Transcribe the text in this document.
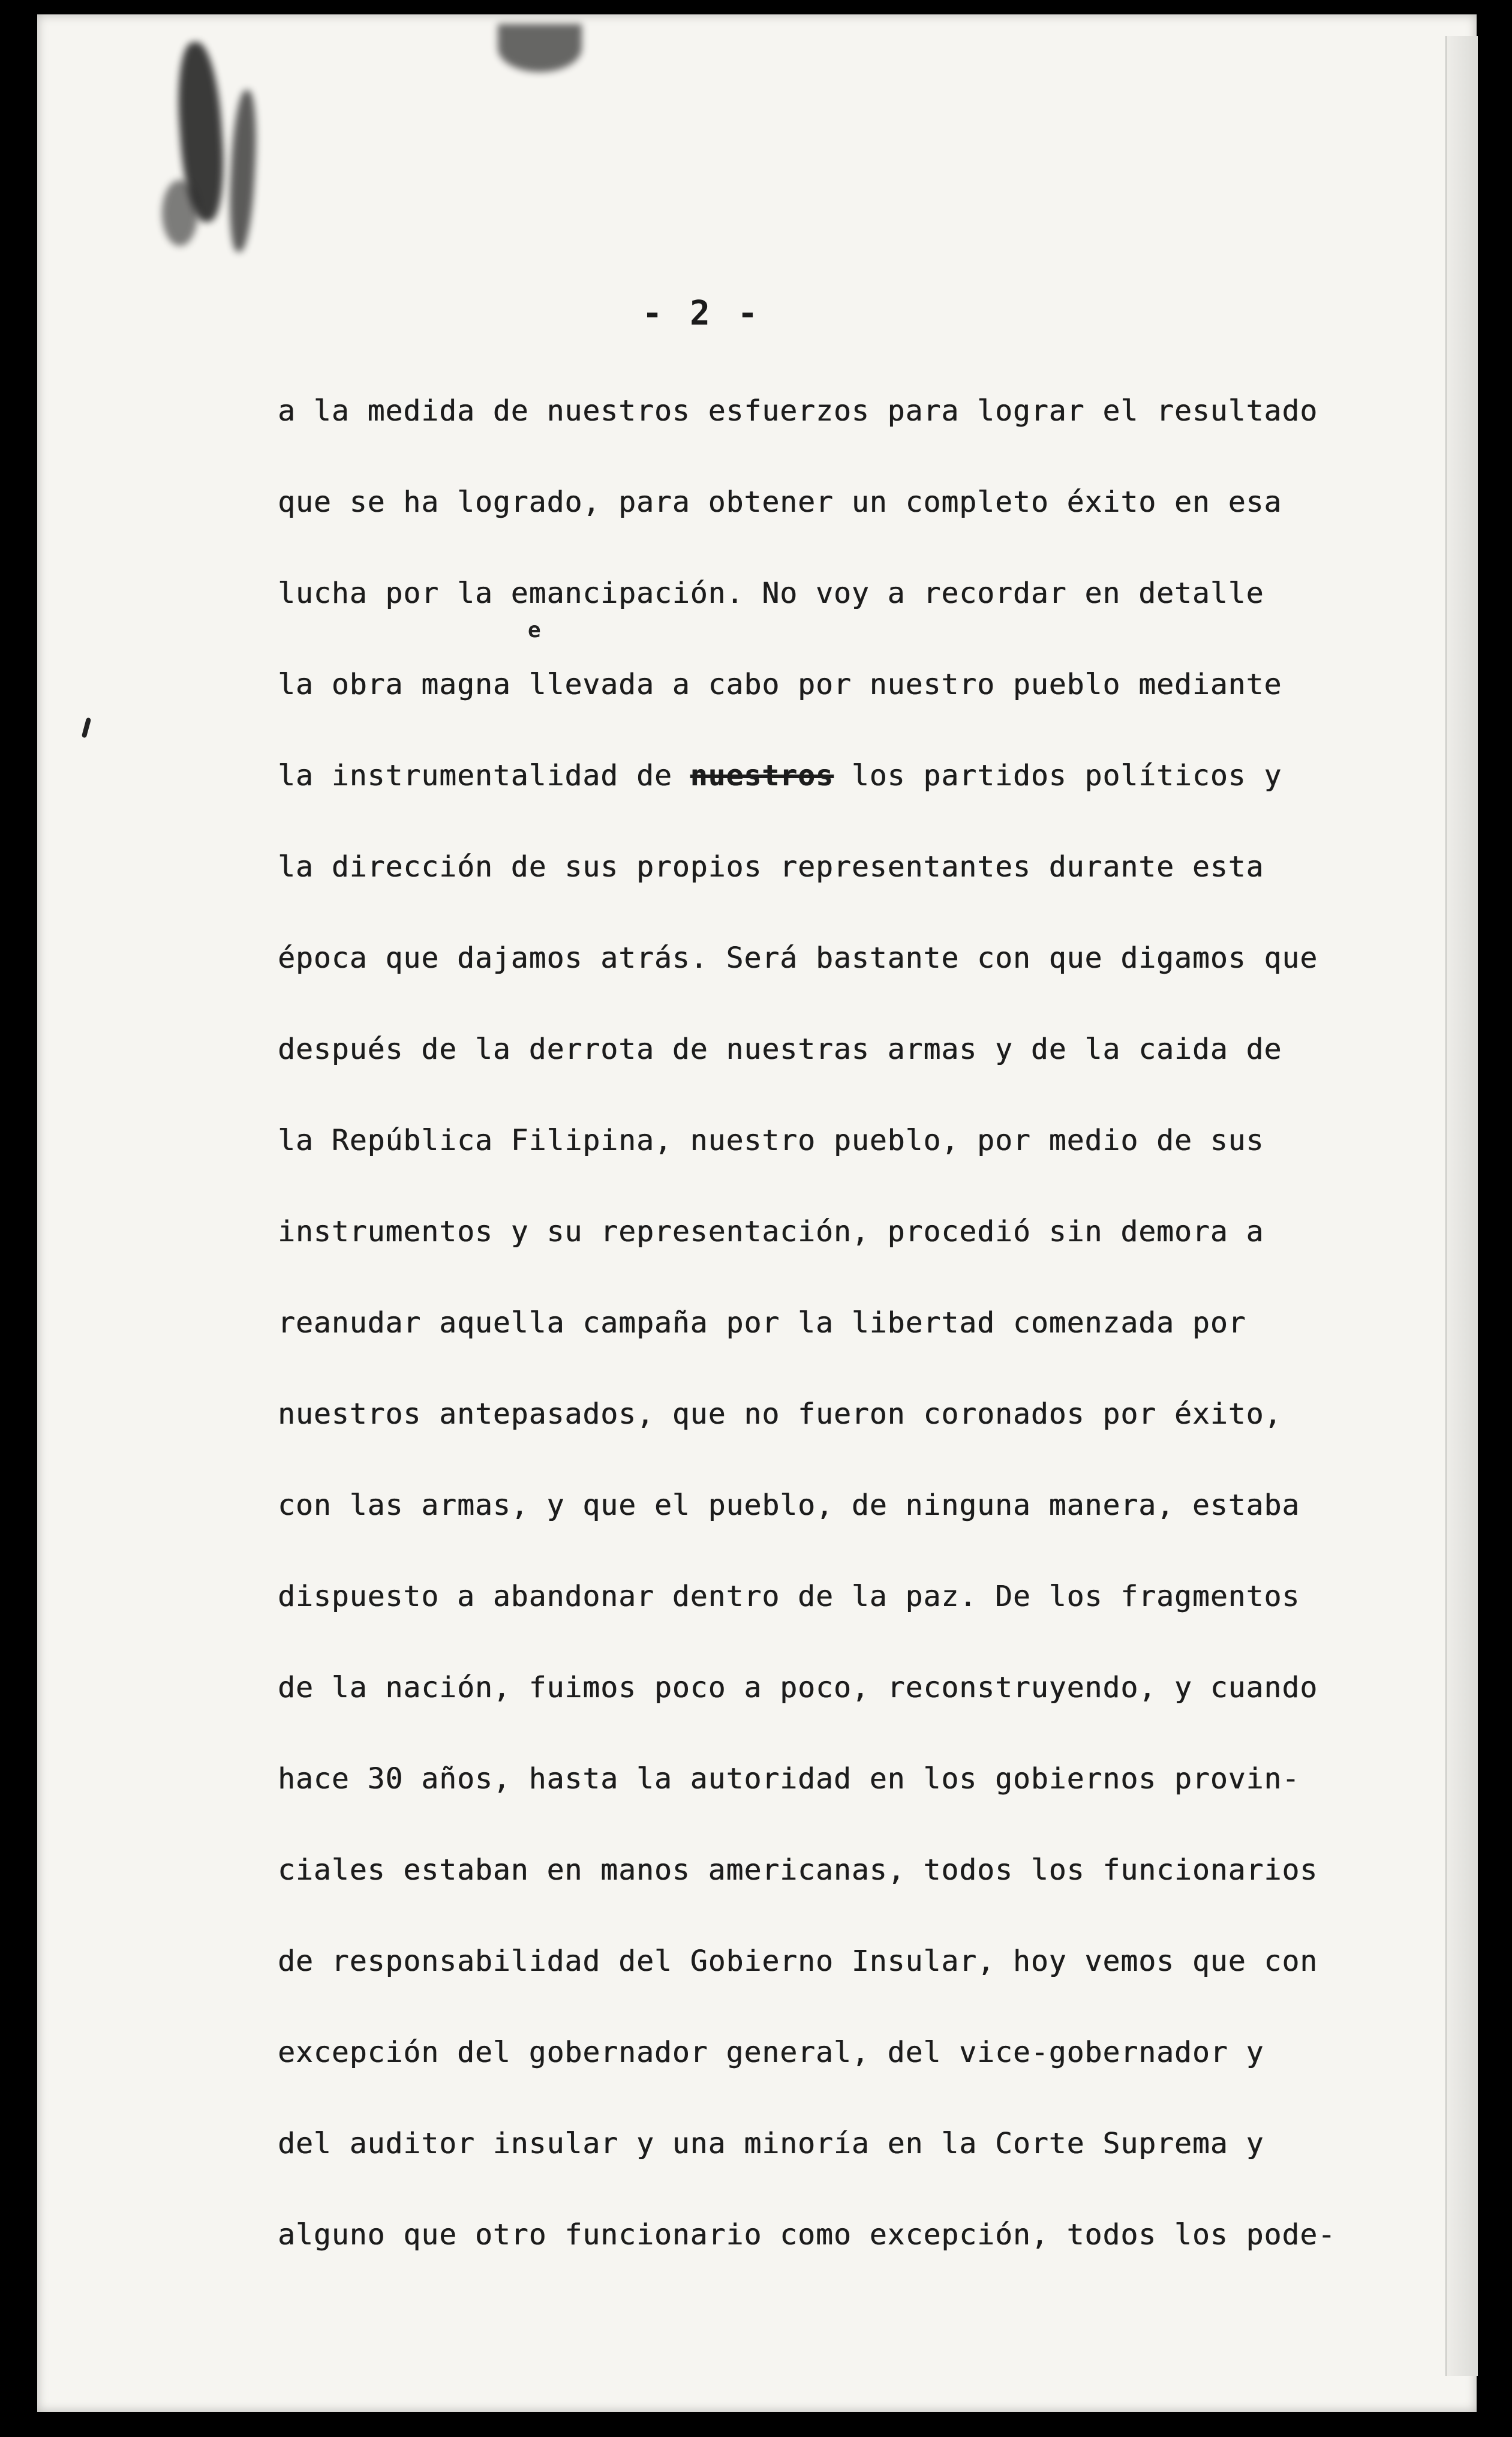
- 2 -
e
a la medida de nuestros esfuerzos para lograr el resultado
que se ha logrado, para obtener un completo éxito en esa
lucha por la emancipación. No voy a recordar en detalle
la obra magna llevada a cabo por nuestro pueblo mediante
la instrumentalidad de nuestros los partidos políticos y
la dirección de sus propios representantes durante esta
época que dajamos atrás. Será bastante con que digamos que
después de la derrota de nuestras armas y de la caida de
la República Filipina, nuestro pueblo, por medio de sus
instrumentos y su representación, procedió sin demora a
reanudar aquella campaña por la libertad comenzada por
nuestros antepasados, que no fueron coronados por éxito,
con las armas, y que el pueblo, de ninguna manera, estaba
dispuesto a abandonar dentro de la paz. De los fragmentos
de la nación, fuimos poco a poco, reconstruyendo, y cuando
hace 30 años, hasta la autoridad en los gobiernos provin-
ciales estaban en manos americanas, todos los funcionarios
de responsabilidad del Gobierno Insular, hoy vemos que con
excepción del gobernador general, del vice-gobernador y
del auditor insular y una minoría en la Corte Suprema y
alguno que otro funcionario como excepción, todos los pode-
